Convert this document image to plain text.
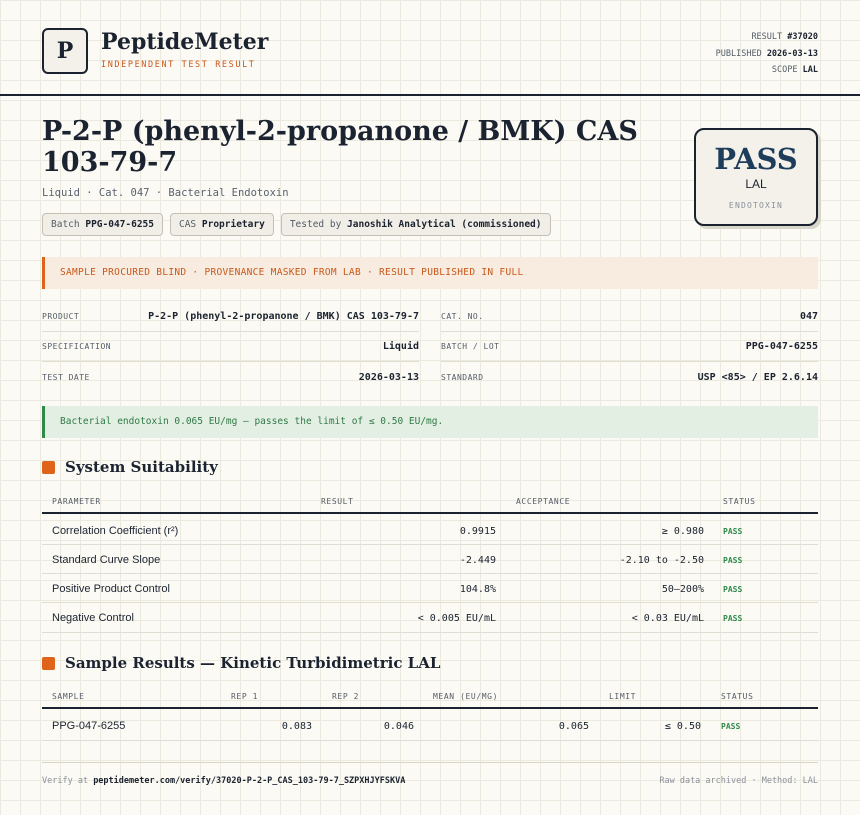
P	PeptideMeter
INDEPENDENT TEST RESULT
RESULT #37020
PUBLISHED 2026-03-13
SCOPE LAL
P-2-P (phenyl-2-propanone / BMK) CAS 103-79-7
Liquid · Cat. 047 · Bacterial Endotoxin
Batch PPG-047-6255	CAS Proprietary	Tested by Janoshik Analytical (commissioned)
PASS
LAL
ENDOTOXIN
SAMPLE PROCURED BLIND · PROVENANCE MASKED FROM LAB · RESULT PUBLISHED IN FULL
PRODUCT	P-2-P (phenyl-2-propanone / BMK) CAS 103-79-7
SPECIFICATION	Liquid
TEST DATE	2026-03-13
CAT. NO.	047
BATCH / LOT	PPG-047-6255
STANDARD	USP <85> / EP 2.6.14
Bacterial endotoxin 0.065 EU/mg — passes the limit of ≤ 0.50 EU/mg.
System Suitability
PARAMETER	RESULT	ACCEPTANCE	STATUS
Correlation Coefficient (r²)	0.9915	≥ 0.980 PASS
Standard Curve Slope	-2.449	-2.10 to -2.50 PASS
Positive Product Control	104.8%	50–200% PASS
Negative Control	< 0.005 EU/mL	< 0.03 EU/mL PASS
Sample Results — Kinetic Turbidimetric LAL
SAMPLE	REP 1	REP 2	MEAN (EU/MG)	LIMIT	STATUS
PPG-047-6255	0.083	0.046	0.065	≤ 0.50	PASS
Verify at peptidemeter.com/verify/37020-P-2-P_CAS_103-79-7_SZPXHJYFSKVA	Raw data archived · Method: LAL
